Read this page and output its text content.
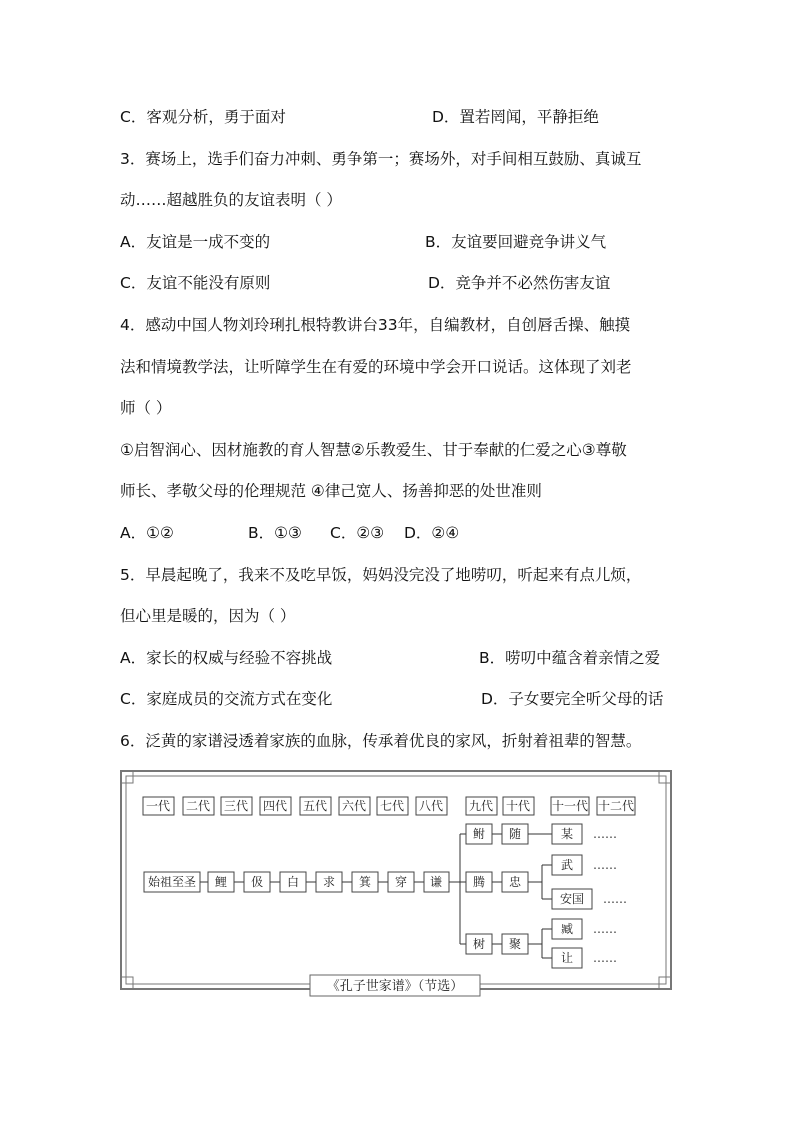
C．客观分析，勇于面对	D．置若罔闻，平静拒绝
3．赛场上，选手们奋力冲刺、勇争第一；赛场外，对手间相互鼓励、真诚互
动……超越胜负的友谊表明（ ）
A．友谊是一成不变的	B．友谊要回避竞争讲义气
C．友谊不能没有原则	D．竞争并不必然伤害友谊
4．感动中国人物刘玲琍扎根特教讲台33年，自编教材，自创唇舌操、触摸
法和情境教学法，让听障学生在有爱的环境中学会开口说话。这体现了刘老
师（ ）
①启智润心、因材施教的育人智慧②乐教爱生、甘于奉献的仁爱之心③尊敬
师长、孝敬父母的伦理规范 ④律己宽人、扬善抑恶的处世准则
A．①②	B．①③ C．②③ D．②④
5．早晨起晚了，我来不及吃早饭，妈妈没完没了地唠叨，听起来有点儿烦，
但心里是暖的，因为（ ）
A．家长的权威与经验不容挑战	B．唠叨中蕴含着亲情之爱
C．家庭成员的交流方式在变化	D．子女要完全听父母的话
6．泛黄的家谱浸透着家族的血脉，传承着优良的家风，折射着祖辈的智慧。
一代 二代 三代 四代 五代 六代 七代 八代 九代 十代 十一代 十二代
始祖至圣 鲤 伋 白 求 箕 穿 谦
鲋 随	某
腾 忠
武
安国
树 聚
臧
让
……
……
……
……
……
《孔子世家谱》（节选）
